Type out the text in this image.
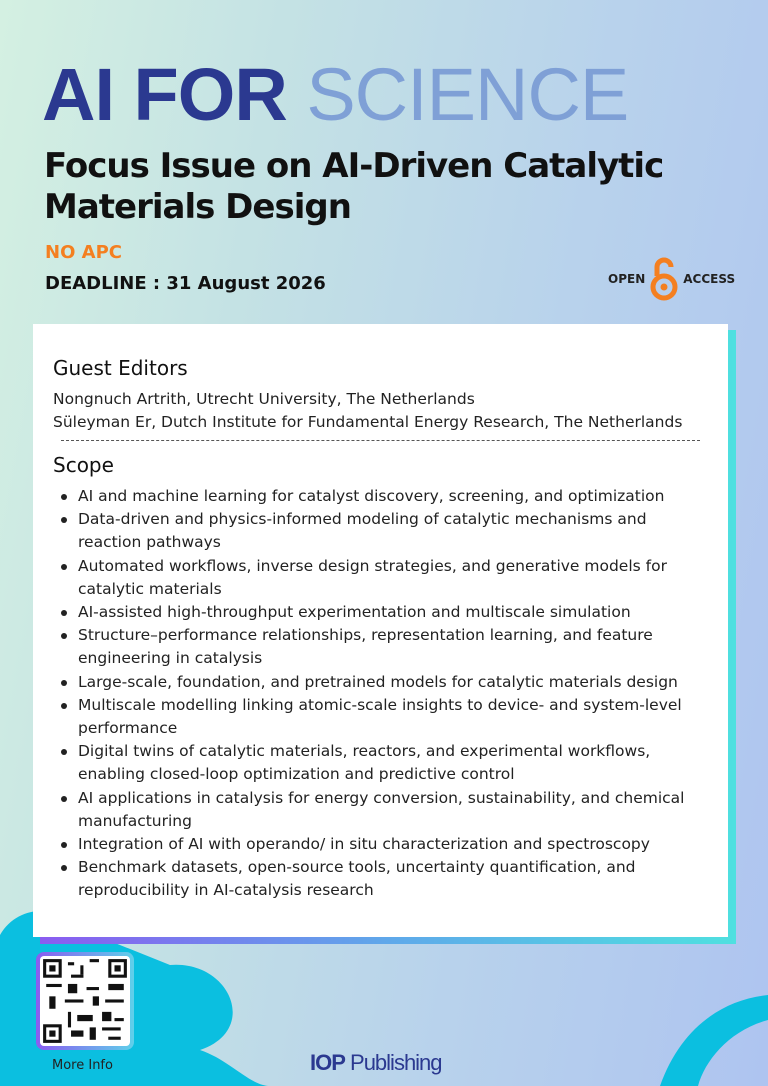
AI FOR SCIENCE
Focus Issue on AI-Driven Catalytic Materials Design
NO APC
DEADLINE : 31 August 2026	OPEN	ACCESS
Guest Editors
Nongnuch Artrith, Utrecht University, The Netherlands
Süleyman Er, Dutch Institute for Fundamental Energy Research, The Netherlands
Scope
AI and machine learning for catalyst discovery, screening, and optimization
Data-driven and physics-informed modeling of catalytic mechanisms and reaction pathways
Automated workflows, inverse design strategies, and generative models for catalytic materials
AI-assisted high-throughput experimentation and multiscale simulation
Structure–performance relationships, representation learning, and feature engineering in catalysis
Large-scale, foundation, and pretrained models for catalytic materials design
Multiscale modelling linking atomic-scale insights to device- and system-level performance
Digital twins of catalytic materials, reactors, and experimental workflows, enabling closed-loop optimization and predictive control
AI applications in catalysis for energy conversion, sustainability, and chemical manufacturing
Integration of AI with operando/ in situ characterization and spectroscopy
Benchmark datasets, open-source tools, uncertainty quantification, and reproducibility in AI-catalysis research
More Info	IOP Publishing
